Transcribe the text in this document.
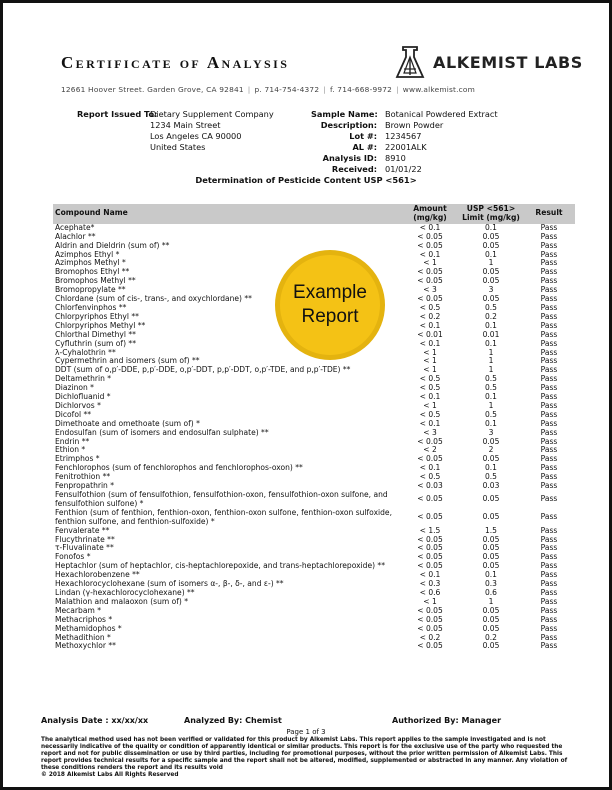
Certificate of Analysis	ALKEMIST LABS
12661 Hoover Street. Garden Grove, CA 92841 | p. 714-754-4372 | f. 714-668-9972 | www.alkemist.com
Report Issued To:
Dietary Supplement Company
1234 Main Street
Los Angeles CA 90000
United States
Sample Name: Botanical Powdered Extract
Description: Brown Powder
Lot #: 1234567
AL #: 22001ALK
Analysis ID: 8910
Received: 01/01/22
Determination of Pesticide Content USP <561>
Compound Name	Amount (mg/kg)	USP <561> Limit (mg/kg)	Result
Acephate*	< 0.1	0.1	Pass
Alachlor **	< 0.05	0.05	Pass
Aldrin and Dieldrin (sum of) **	< 0.05	0.05	Pass
Azimphos Ethyl *	< 0.1	0.1	Pass
Azimphos Methyl *	< 1	1	Pass
Bromophos Ethyl **	< 0.05	0.05	Pass
Bromophos Methyl **	< 0.05	0.05	Pass
Bromopropylate **	< 3	3	Pass
Chlordane (sum of cis-, trans-, and oxychlordane) **	< 0.05	0.05	Pass
Chlorfenvinphos **	< 0.5	0.5	Pass
Chlorpyriphos Ethyl **	< 0.2	0.2	Pass
Chlorpyriphos Methyl **	< 0.1	0.1	Pass
Chlorthal Dimethyl **	< 0.01	0.01	Pass
Cyfluthrin (sum of) **	< 0.1	0.1	Pass
λ-Cyhalothrin **	< 1	1	Pass
Cypermethrin and isomers (sum of) **	< 1	1	Pass
DDT (sum of o,p′-DDE, p,p′-DDE, o,p′-DDT, p,p′-DDT, o,p′-TDE, and p,p′-TDE) **	< 1	1	Pass
Deltamethrin *	< 0.5	0.5	Pass
Diazinon *	< 0.5	0.5	Pass
Dichlofluanid *	< 0.1	0.1	Pass
Dichlorvos *	< 1	1	Pass
Dicofol **	< 0.5	0.5	Pass
Dimethoate and omethoate (sum of) *	< 0.1	0.1	Pass
Endosulfan (sum of isomers and endosulfan sulphate) **	< 3	3	Pass
Endrin **	< 0.05	0.05	Pass
Ethion *	< 2	2	Pass
Etrimphos *	< 0.05	0.05	Pass
Fenchlorophos (sum of fenchlorophos and fenchlorophos-oxon) **	< 0.1	0.1	Pass
Fenitrothion **	< 0.5	0.5	Pass
Fenpropathrin *	< 0.03	0.03	Pass
Fensulfothion (sum of fensulfothion, fensulfothion-oxon, fensulfothion-oxon sulfone, and fensulfothion sulfone) *	< 0.05	0.05	Pass
Fenthion (sum of fenthion, fenthion-oxon, fenthion-oxon sulfone, fenthion-oxon sulfoxide, fenthion sulfone, and fenthion-sulfoxide) *	< 0.05	0.05	Pass
Fenvalerate **	< 1.5	1.5	Pass
Flucythrinate **	< 0.05	0.05	Pass
τ-Fluvalinate **	< 0.05	0.05	Pass
Fonofos *	< 0.05	0.05	Pass
Heptachlor (sum of heptachlor, cis-heptachlorepoxide, and trans-heptachlorepoxide) **	< 0.05	0.05	Pass
Hexachlorobenzene **	< 0.1	0.1	Pass
Hexachlorocyclohexane (sum of isomers α-, β-, δ-, and ε-) **	< 0.3	0.3	Pass
Lindan (γ-hexachlorocyclohexane) **	< 0.6	0.6	Pass
Malathion and malaoxon (sum of) *	< 1	1	Pass
Mecarbam *	< 0.05	0.05	Pass
Methacriphos *	< 0.05	0.05	Pass
Methamidophos *	< 0.05	0.05	Pass
Methadithion *	< 0.2	0.2	Pass
Methoxychlor **	< 0.05	0.05	Pass
Example
Report
Analysis Date : xx/xx/xx	Analyzed By: Chemist	Authorized By: Manager
Page 1 of 3
The analytical method used has not been verified or validated for this product by Alkemist Labs. This report applies to the sample investigated and is not necessarily indicative of the quality or condition of apparently identical or similar products. This report is for the exclusive use of the party who requested the report and not for public dissemination or use by third parties, including for promotional purposes, without the prior written permission of Alkemist Labs. This report provides technical results for a specific sample and the report shall not be altered, modified, supplemented or abstracted in any manner. Any violation of these conditions renders the report and its results void
© 2018 Alkemist Labs All Rights Reserved
